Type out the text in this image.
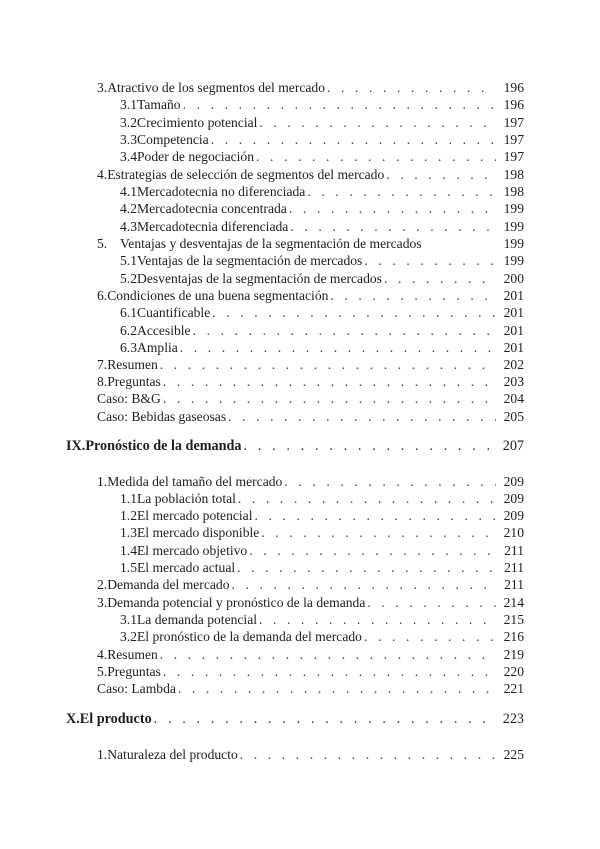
3. Atractivo de los segmentos del mercado . . .	196
3.1 Tamaño . . .	196
3.2 Crecimiento potencial . . .	197
3.3 Competencia . . .	197
3.4 Poder de negociación . . .	197
4. Estrategias de selección de segmentos del mercado . . .	198
4.1 Mercadotecnia no diferenciada . . .	198
4.2 Mercadotecnia concentrada . . .	199
4.3 Mercadotecnia diferenciada . . .	199
5. Ventajas y desventajas de la segmentación de mercados	199
5.1 Ventajas de la segmentación de mercados . . .	199
5.2 Desventajas de la segmentación de mercados . . .	200
6. Condiciones de una buena segmentación . . .	201
6.1 Cuantificable . . .	201
6.2 Accesible . . .	201
6.3 Amplia . . .	201
7. Resumen . . .	202
8. Preguntas . . .	203
Caso: B&G . . .	204
Caso: Bebidas gaseosas . . .	205
IX. Pronóstico de la demanda . . .	207
1. Medida del tamaño del mercado . . .	209
1.1 La población total . . .	209
1.2 El mercado potencial . . .	209
1.3 El mercado disponible . . .	210
1.4 El mercado objetivo . . .	211
1.5 El mercado actual . . .	211
2. Demanda del mercado . . .	211
3. Demanda potencial y pronóstico de la demanda . . .	214
3.1 La demanda potencial . . .	215
3.2 El pronóstico de la demanda del mercado . . .	216
4. Resumen . . .	219
5. Preguntas . . .	220
Caso: Lambda . . .	221
X. El producto . . .	223
1. Naturaleza del producto . . .	225
